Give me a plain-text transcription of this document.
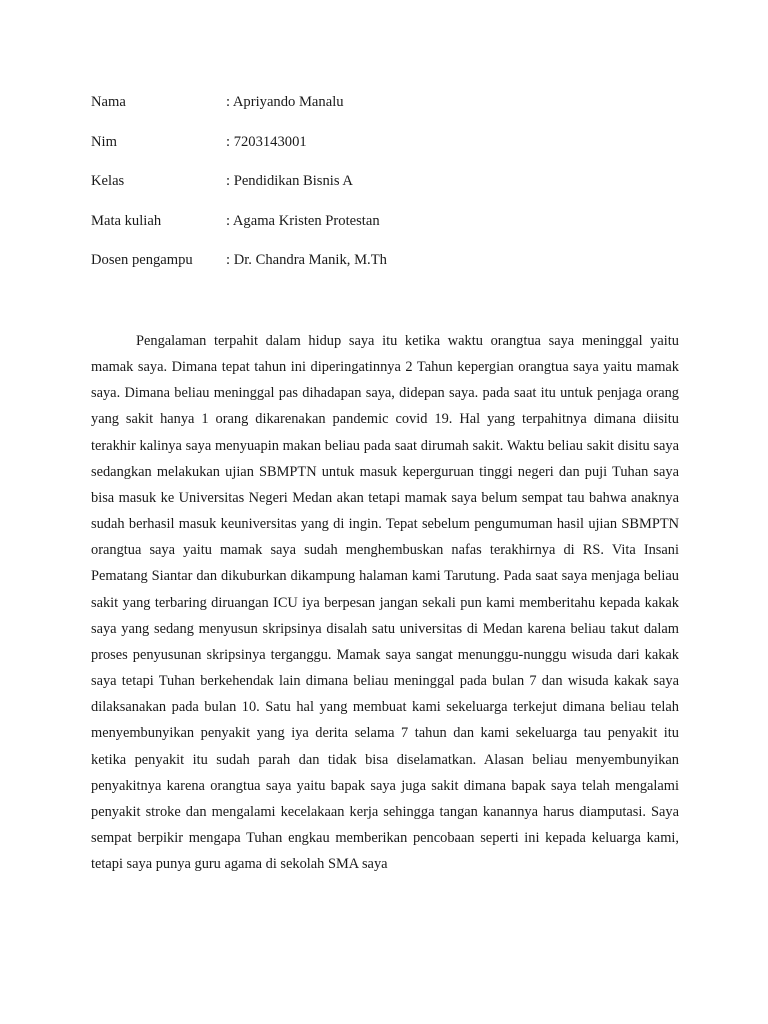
Nama	: Apriyando Manalu
Nim	: 7203143001
Kelas	: Pendidikan Bisnis A
Mata kuliah	: Agama Kristen Protestan
Dosen pengampu	: Dr. Chandra Manik, M.Th

Pengalaman terpahit dalam hidup saya itu ketika waktu orangtua saya meninggal yaitu mamak saya. Dimana tepat tahun ini diperingatinnya 2 Tahun kepergian orangtua saya yaitu mamak saya. Dimana beliau meninggal pas dihadapan saya, didepan saya. pada saat itu untuk penjaga orang yang sakit hanya 1 orang dikarenakan pandemic covid 19. Hal yang terpahitnya dimana diisitu terakhir kalinya saya menyuapin makan beliau pada saat dirumah sakit. Waktu beliau sakit disitu saya sedangkan melakukan ujian SBMPTN untuk masuk keperguruan tinggi negeri dan puji Tuhan saya bisa masuk ke Universitas Negeri Medan akan tetapi mamak saya belum sempat tau bahwa anaknya sudah berhasil masuk keuniversitas yang di ingin. Tepat sebelum pengumuman hasil ujian SBMPTN orangtua saya yaitu mamak saya sudah menghembuskan nafas terakhirnya di RS. Vita Insani Pematang Siantar dan dikuburkan dikampung halaman kami Tarutung. Pada saat saya menjaga beliau sakit yang terbaring diruangan ICU iya berpesan jangan sekali pun kami memberitahu kepada kakak saya yang sedang menyusun skripsinya disalah satu universitas di Medan karena beliau takut dalam proses penyusunan skripsinya terganggu. Mamak saya sangat menunggu-nunggu wisuda dari kakak saya tetapi Tuhan berkehendak lain dimana beliau meninggal pada bulan 7 dan wisuda kakak saya dilaksanakan pada bulan 10. Satu hal yang membuat kami sekeluarga terkejut dimana beliau telah menyembunyikan penyakit yang iya derita selama 7 tahun dan kami sekeluarga tau penyakit itu ketika penyakit itu sudah parah dan tidak bisa diselamatkan. Alasan beliau menyembunyikan penyakitnya karena orangtua saya yaitu bapak saya juga sakit dimana bapak saya telah mengalami penyakit stroke dan mengalami kecelakaan kerja sehingga tangan kanannya harus diamputasi. Saya sempat berpikir mengapa Tuhan engkau memberikan pencobaan seperti ini kepada keluarga kami, tetapi saya punya guru agama di sekolah SMA saya
